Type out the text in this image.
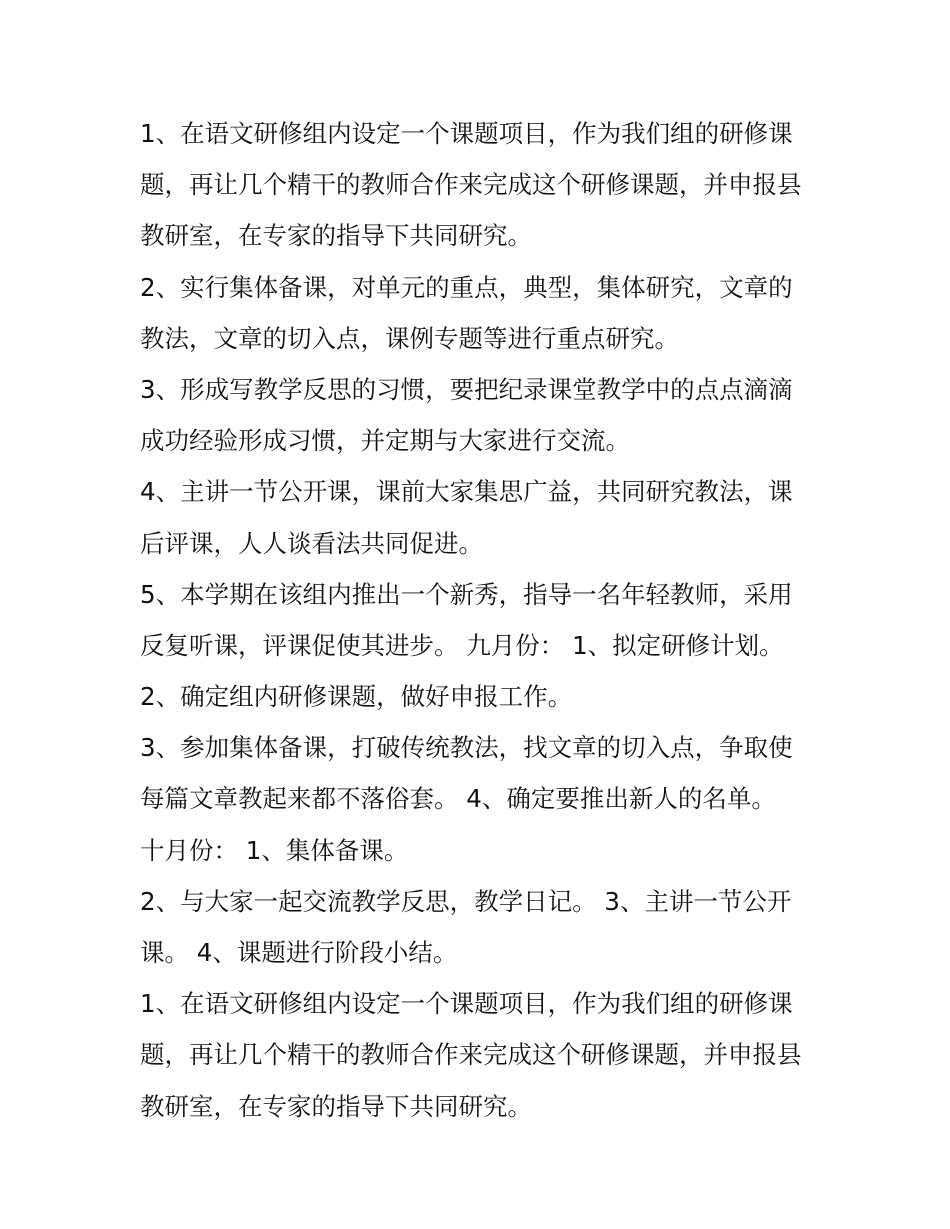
1、在语文研修组内设定一个课题项目，作为我们组的研修课

题，再让几个精干的教师合作来完成这个研修课题，并申报县

教研室，在专家的指导下共同研究。

2、实行集体备课，对单元的重点，典型，集体研究，文章的

教法，文章的切入点，课例专题等进行重点研究。

3、形成写教学反思的习惯，要把纪录课堂教学中的点点滴滴

成功经验形成习惯，并定期与大家进行交流。

4、主讲一节公开课，课前大家集思广益，共同研究教法，课

后评课，人人谈看法共同促进。

5、本学期在该组内推出一个新秀，指导一名年轻教师，采用

反复听课，评课促使其进步。 九月份： 1、拟定研修计划。

2、确定组内研修课题，做好申报工作。

3、参加集体备课，打破传统教法，找文章的切入点，争取使

每篇文章教起来都不落俗套。 4、确定要推出新人的名单。

十月份： 1、集体备课。

2、与大家一起交流教学反思，教学日记。 3、主讲一节公开

课。 4、课题进行阶段小结。

1、在语文研修组内设定一个课题项目，作为我们组的研修课

题，再让几个精干的教师合作来完成这个研修课题，并申报县

教研室，在专家的指导下共同研究。
